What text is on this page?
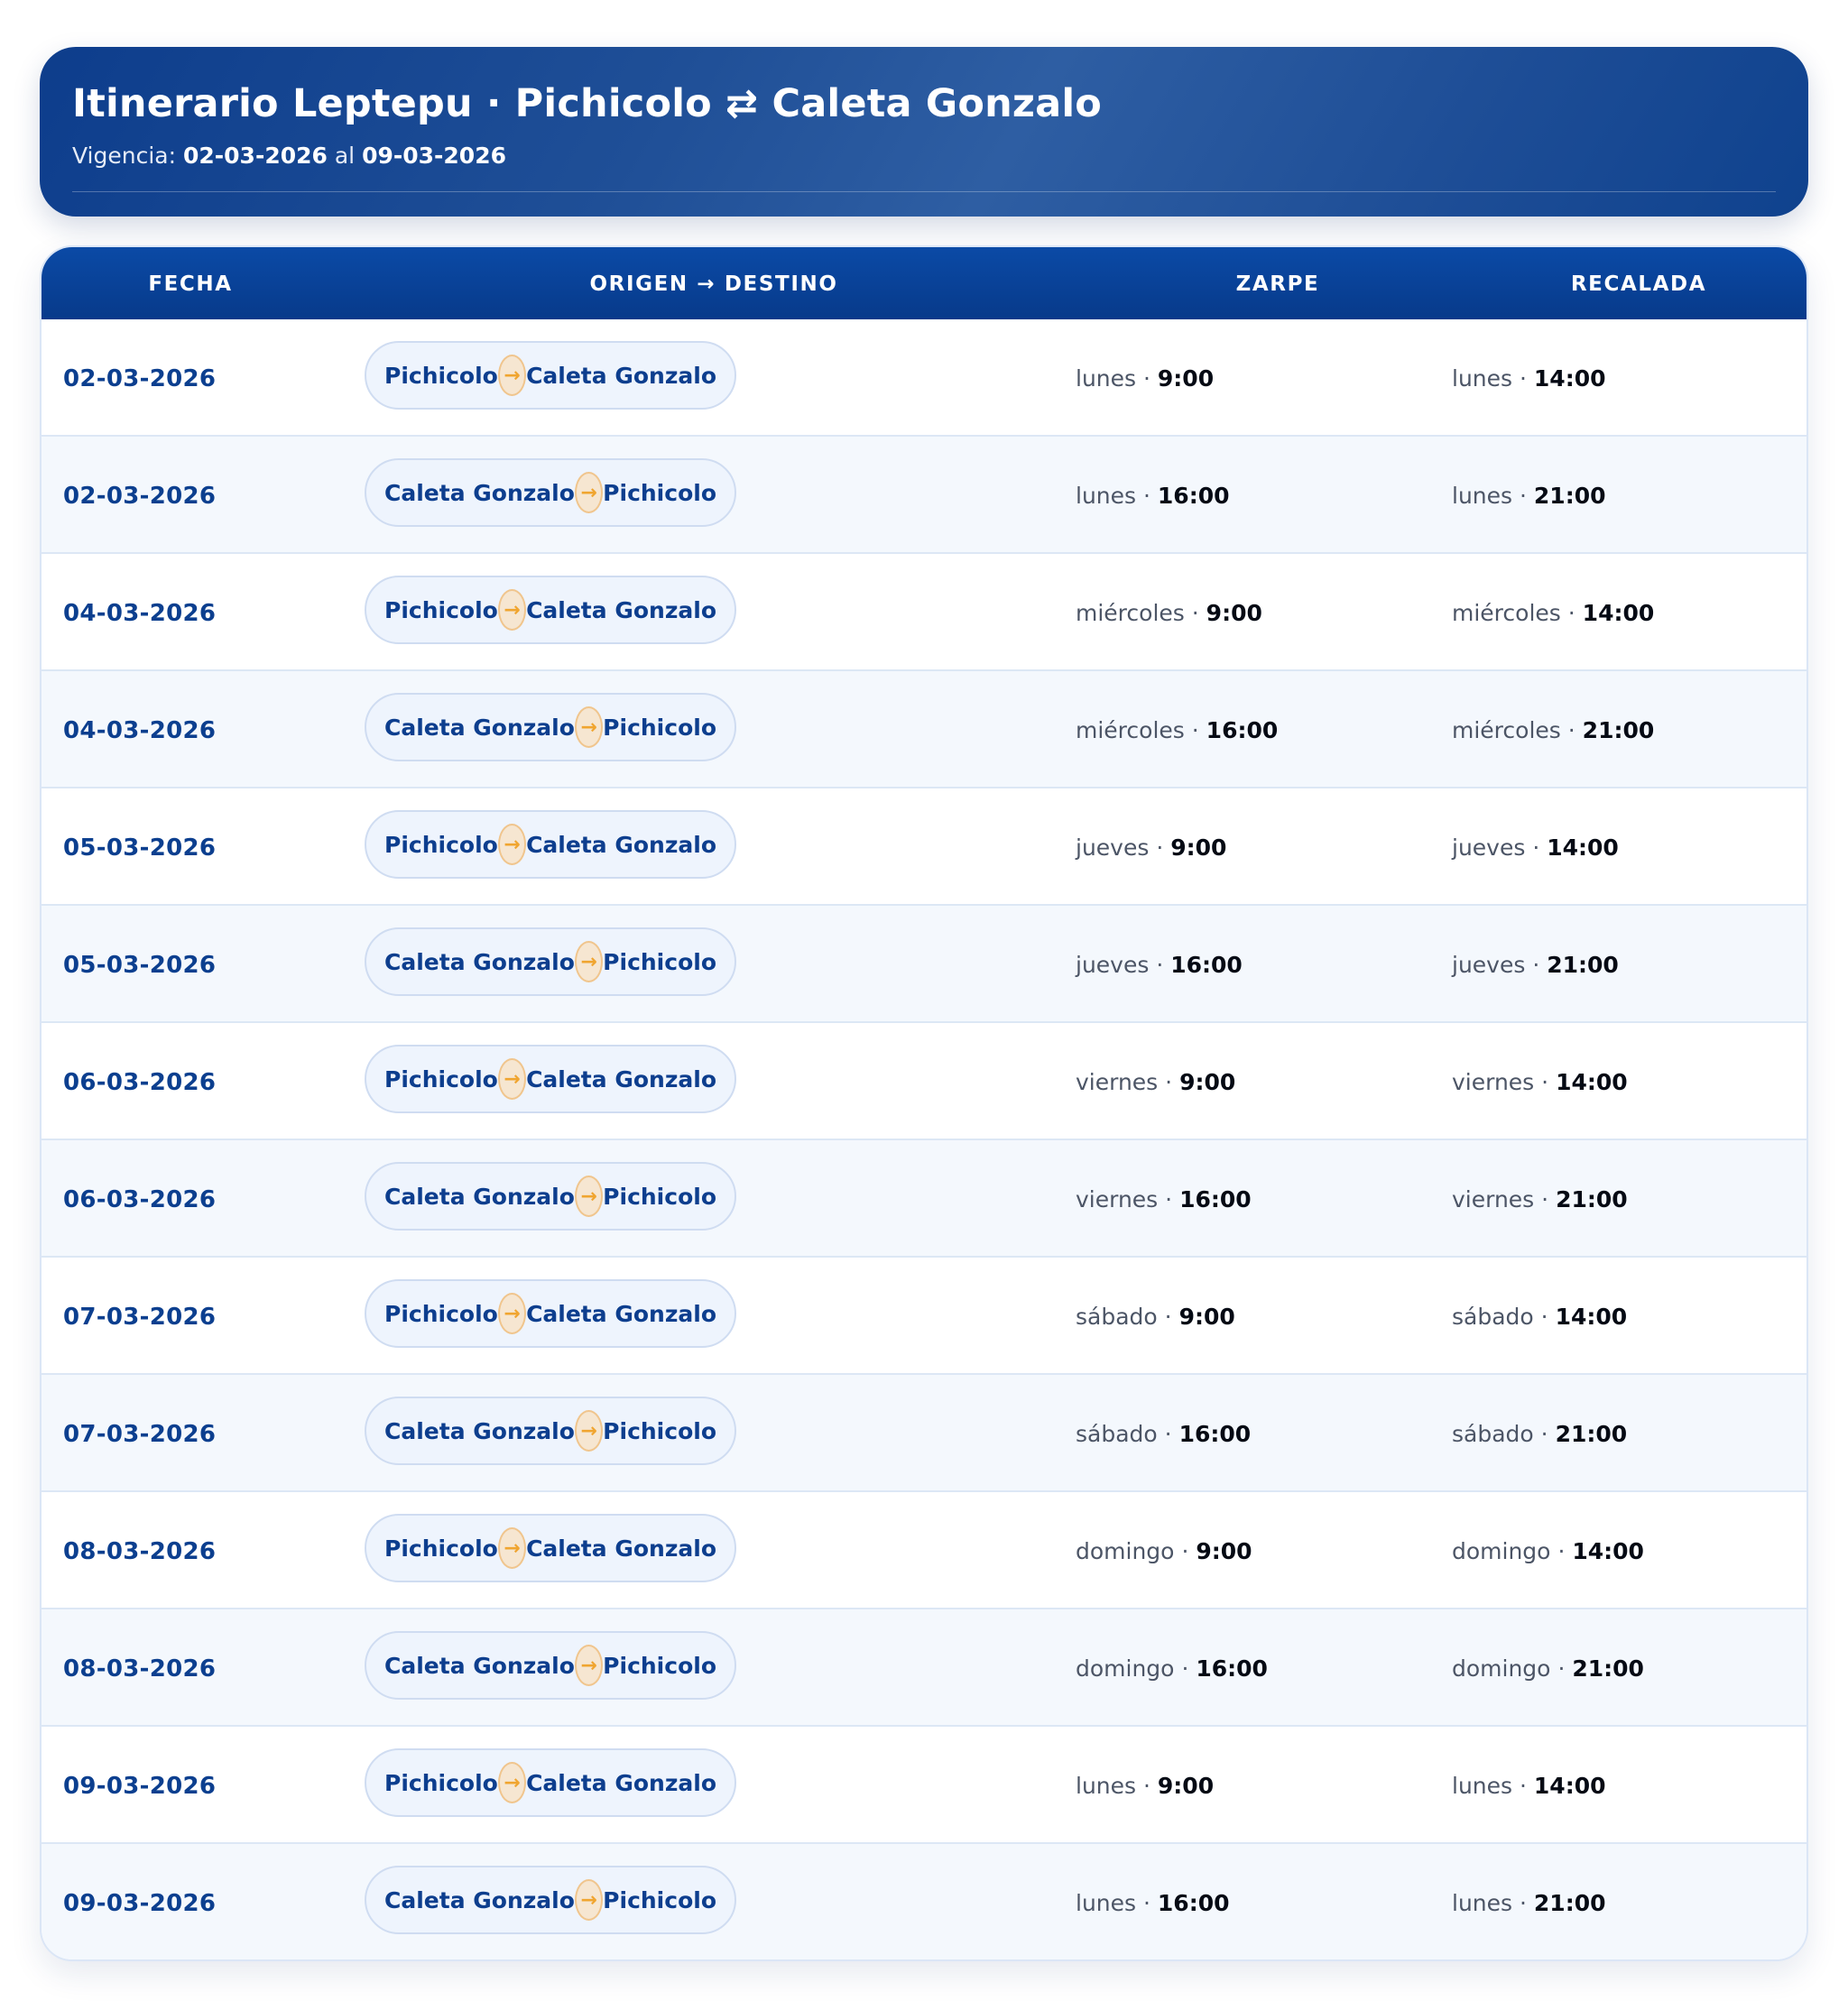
Itinerario Leptepu · Pichicolo ⇄ Caleta Gonzalo
Vigencia: 02-03-2026 al 09-03-2026
FECHA	ORIGEN → DESTINO	ZARPE	RECALADA
02-03-2026	Pichicolo → Caleta Gonzalo	lunes · 9:00	lunes · 14:00
02-03-2026	Caleta Gonzalo → Pichicolo	lunes · 16:00	lunes · 21:00
04-03-2026	Pichicolo → Caleta Gonzalo	miércoles · 9:00	miércoles · 14:00
04-03-2026	Caleta Gonzalo → Pichicolo	miércoles · 16:00	miércoles · 21:00
05-03-2026	Pichicolo → Caleta Gonzalo	jueves · 9:00	jueves · 14:00
05-03-2026	Caleta Gonzalo → Pichicolo	jueves · 16:00	jueves · 21:00
06-03-2026	Pichicolo → Caleta Gonzalo	viernes · 9:00	viernes · 14:00
06-03-2026	Caleta Gonzalo → Pichicolo	viernes · 16:00	viernes · 21:00
07-03-2026	Pichicolo → Caleta Gonzalo	sábado · 9:00	sábado · 14:00
07-03-2026	Caleta Gonzalo → Pichicolo	sábado · 16:00	sábado · 21:00
08-03-2026	Pichicolo → Caleta Gonzalo	domingo · 9:00	domingo · 14:00
08-03-2026	Caleta Gonzalo → Pichicolo	domingo · 16:00	domingo · 21:00
09-03-2026	Pichicolo → Caleta Gonzalo	lunes · 9:00	lunes · 14:00
09-03-2026	Caleta Gonzalo → Pichicolo	lunes · 16:00	lunes · 21:00
